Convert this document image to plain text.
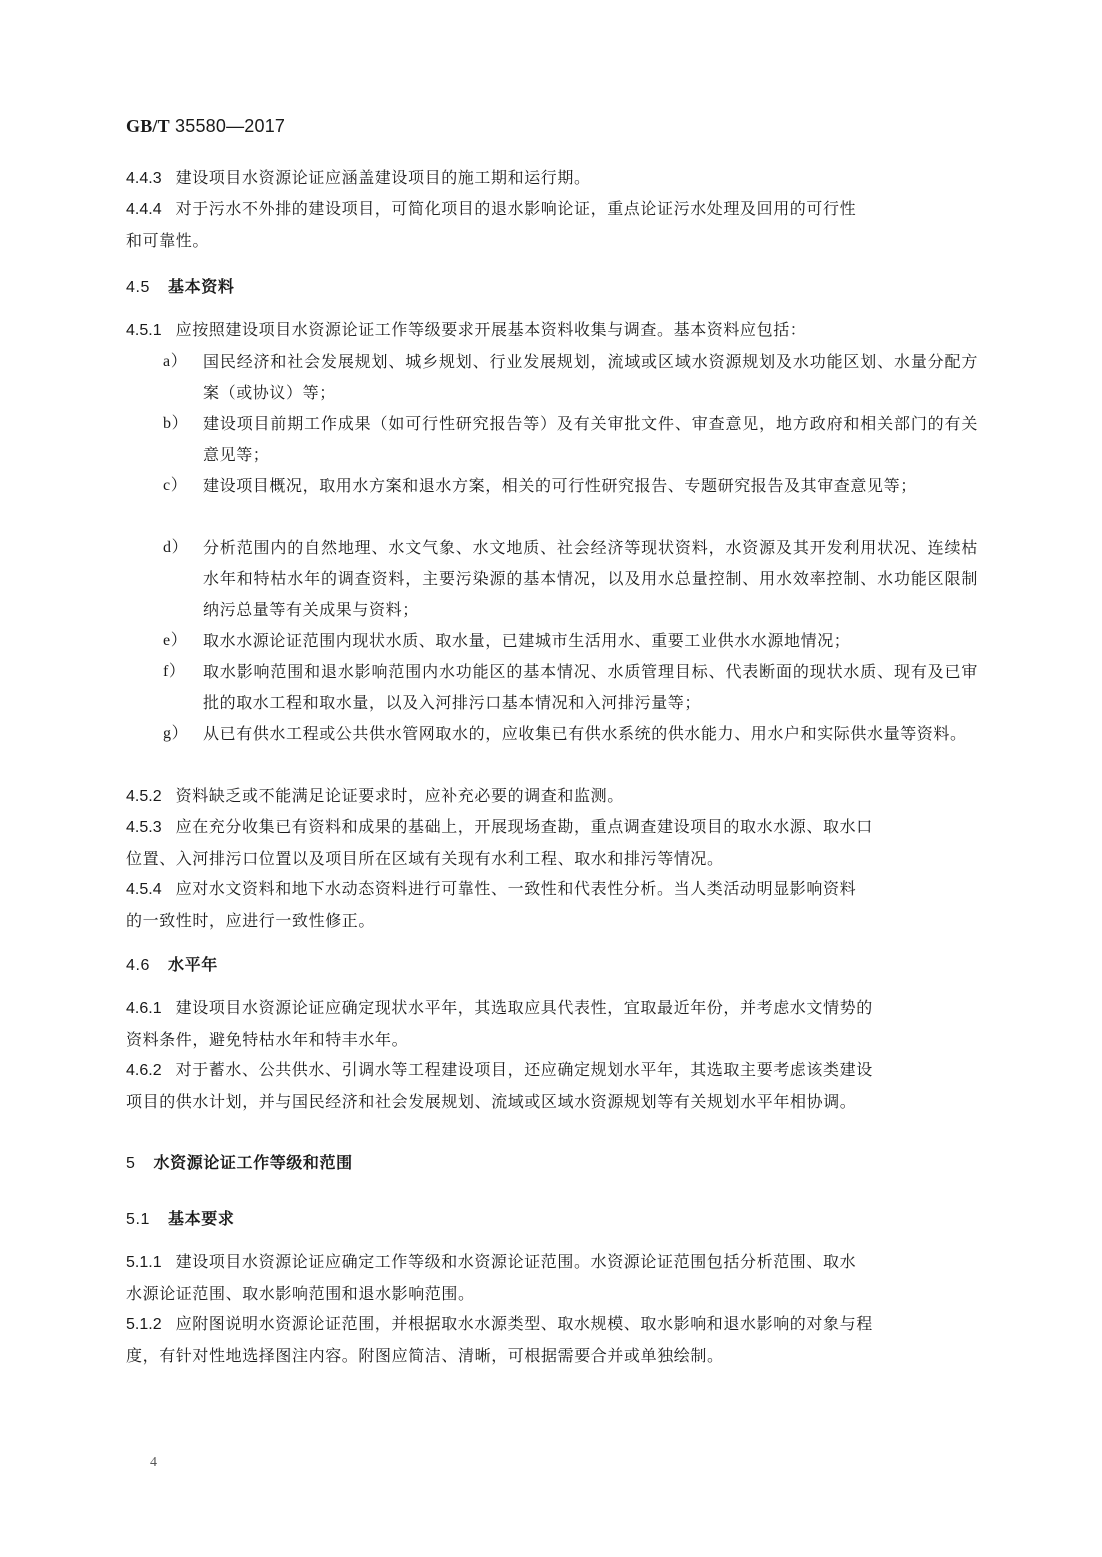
GB/T 35580—2017
4.4.3 建设项目水资源论证应涵盖建设项目的施工期和运行期。
4.4.4 对于污水不外排的建设项目，可简化项目的退水影响论证，重点论证污水处理及回用的可行性
和可靠性。
4.5 基本资料
4.5.1 应按照建设项目水资源论证工作等级要求开展基本资料收集与调查。基本资料应包括：
a） 国民经济和社会发展规划、城乡规划、行业发展规划，流域或区域水资源规划及水功能区划、水量分配方案（或协议）等；
b） 建设项目前期工作成果（如可行性研究报告等）及有关审批文件、审查意见，地方政府和相关部门的有关意见等；
c） 建设项目概况，取用水方案和退水方案，相关的可行性研究报告、专题研究报告及其审查意见等；
d） 分析范围内的自然地理、水文气象、水文地质、社会经济等现状资料，水资源及其开发利用状况、连续枯水年和特枯水年的调查资料，主要污染源的基本情况，以及用水总量控制、用水效率控制、水功能区限制纳污总量等有关成果与资料；
e） 取水水源论证范围内现状水质、取水量，已建城市生活用水、重要工业供水水源地情况；
f） 取水影响范围和退水影响范围内水功能区的基本情况、水质管理目标、代表断面的现状水质、现有及已审批的取水工程和取水量，以及入河排污口基本情况和入河排污量等；
g） 从已有供水工程或公共供水管网取水的，应收集已有供水系统的供水能力、用水户和实际供水量等资料。
4.5.2 资料缺乏或不能满足论证要求时，应补充必要的调查和监测。
4.5.3 应在充分收集已有资料和成果的基础上，开展现场查勘，重点调查建设项目的取水水源、取水口
位置、入河排污口位置以及项目所在区域有关现有水利工程、取水和排污等情况。
4.5.4 应对水文资料和地下水动态资料进行可靠性、一致性和代表性分析。当人类活动明显影响资料
的一致性时，应进行一致性修正。
4.6 水平年
4.6.1 建设项目水资源论证应确定现状水平年，其选取应具代表性，宜取最近年份，并考虑水文情势的
资料条件，避免特枯水年和特丰水年。
4.6.2 对于蓄水、公共供水、引调水等工程建设项目，还应确定规划水平年，其选取主要考虑该类建设
项目的供水计划，并与国民经济和社会发展规划、流域或区域水资源规划等有关规划水平年相协调。
5 水资源论证工作等级和范围
5.1 基本要求
5.1.1 建设项目水资源论证应确定工作等级和水资源论证范围。水资源论证范围包括分析范围、取水
水源论证范围、取水影响范围和退水影响范围。
5.1.2 应附图说明水资源论证范围，并根据取水水源类型、取水规模、取水影响和退水影响的对象与程
度，有针对性地选择图注内容。附图应简洁、清晰，可根据需要合并或单独绘制。
4
